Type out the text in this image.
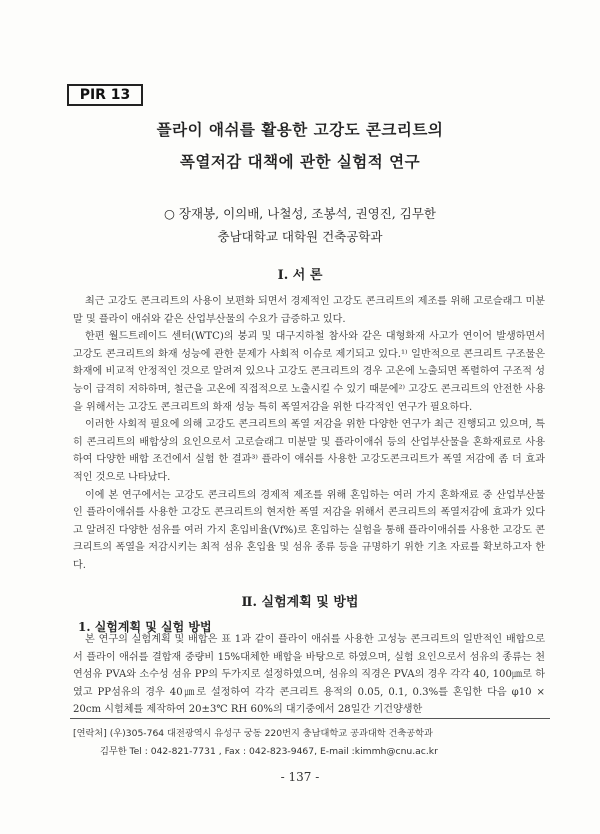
PIR 13
플라이 애쉬를 활용한 고강도 콘크리트의
폭열저감 대책에 관한 실험적 연구
○ 장재봉, 이의배, 나철성, 조봉석, 권영진, 김무한
충남대학교 대학원 건축공학과
Ⅰ. 서 론

최근 고강도 콘크리트의 사용이 보편화 되면서 경제적인 고강도 콘크리트의 제조를 위해 고로슬래그 미분말 및 플라이 애쉬와 같은 산업부산물의 수요가 급증하고 있다.

한편 월드트레이드 센터(WTC)의 붕괴 및 대구지하철 참사와 같은 대형화재 사고가 연이어 발생하면서 고강도 콘크리트의 화재 성능에 관한 문제가 사회적 이슈로 제기되고 있다.¹⁾ 일반적으로 콘크리트 구조물은 화재에 비교적 안정적인 것으로 알려져 있으나 고강도 콘크리트의 경우 고온에 노출되면 폭렬하여 구조적 성능이 급격히 저하하며, 철근을 고온에 직접적으로 노출시킬 수 있기 때문에²⁾ 고강도 콘크리트의 안전한 사용을 위해서는 고강도 콘크리트의 화재 성능 특히 폭열저감을 위한 다각적인 연구가 필요하다.

이러한 사회적 필요에 의해 고강도 콘크리트의 폭열 저감을 위한 다양한 연구가 최근 진행되고 있으며, 특히 콘크리트의 배합상의 요인으로서 고로슬래그 미분말 및 플라이애쉬 등의 산업부산물을 혼화재료로 사용하여 다양한 배합 조건에서 실험 한 결과³⁾ 플라이 애쉬를 사용한 고강도콘크리트가 폭열 저감에 좀 더 효과적인 것으로 나타났다.

이에 본 연구에서는 고강도 콘크리트의 경제적 제조를 위해 혼입하는 여러 가지 혼화재료 중 산업부산물인 플라이애쉬를 사용한 고강도 콘크리트의 현저한 폭열 저감을 위해서 콘크리트의 폭열저감에 효과가 있다고 알려진 다양한 섬유를 여러 가지 혼입비율(Vf%)로 혼입하는 실험을 통해 플라이애쉬를 사용한 고강도 콘크리트의 폭열을 저감시키는 최적 섬유 혼입율 및 섬유 종류 등을 규명하기 위한 기초 자료를 확보하고자 한다.

Ⅱ. 실험계획 및 방법
1. 실험계획 및 실험 방법

본 연구의 실험계획 및 배합은 표 1과 같이 플라이 애쉬를 사용한 고성능 콘크리트의 일반적인 배합으로서 플라이 애쉬를 결합재 중량비 15%대체한 배합을 바탕으로 하였으며, 실험 요인으로서 섬유의 종류는 천연섬유 PVA와 소수성 섬유 PP의 두가지로 설정하였으며, 섬유의 직경은 PVA의 경우 각각 40, 100㎛로 하였고 PP섬유의 경우 40㎛로 설정하여 각각 콘크리트 용적의 0.05, 0.1, 0.3%를 혼입한 다음 φ10 × 20cm 시험체를 제작하여 20±3℃ RH 60%의 대기중에서 28일간 기건양생한

[연락처] (우)305-764 대전광역시 유성구 궁동 220번지 충남대학교 공과대학 건축공학과
김무한 Tel : 042-821-7731 , Fax : 042-823-9467, E-mail :kimmh@cnu.ac.kr
- 137 -
